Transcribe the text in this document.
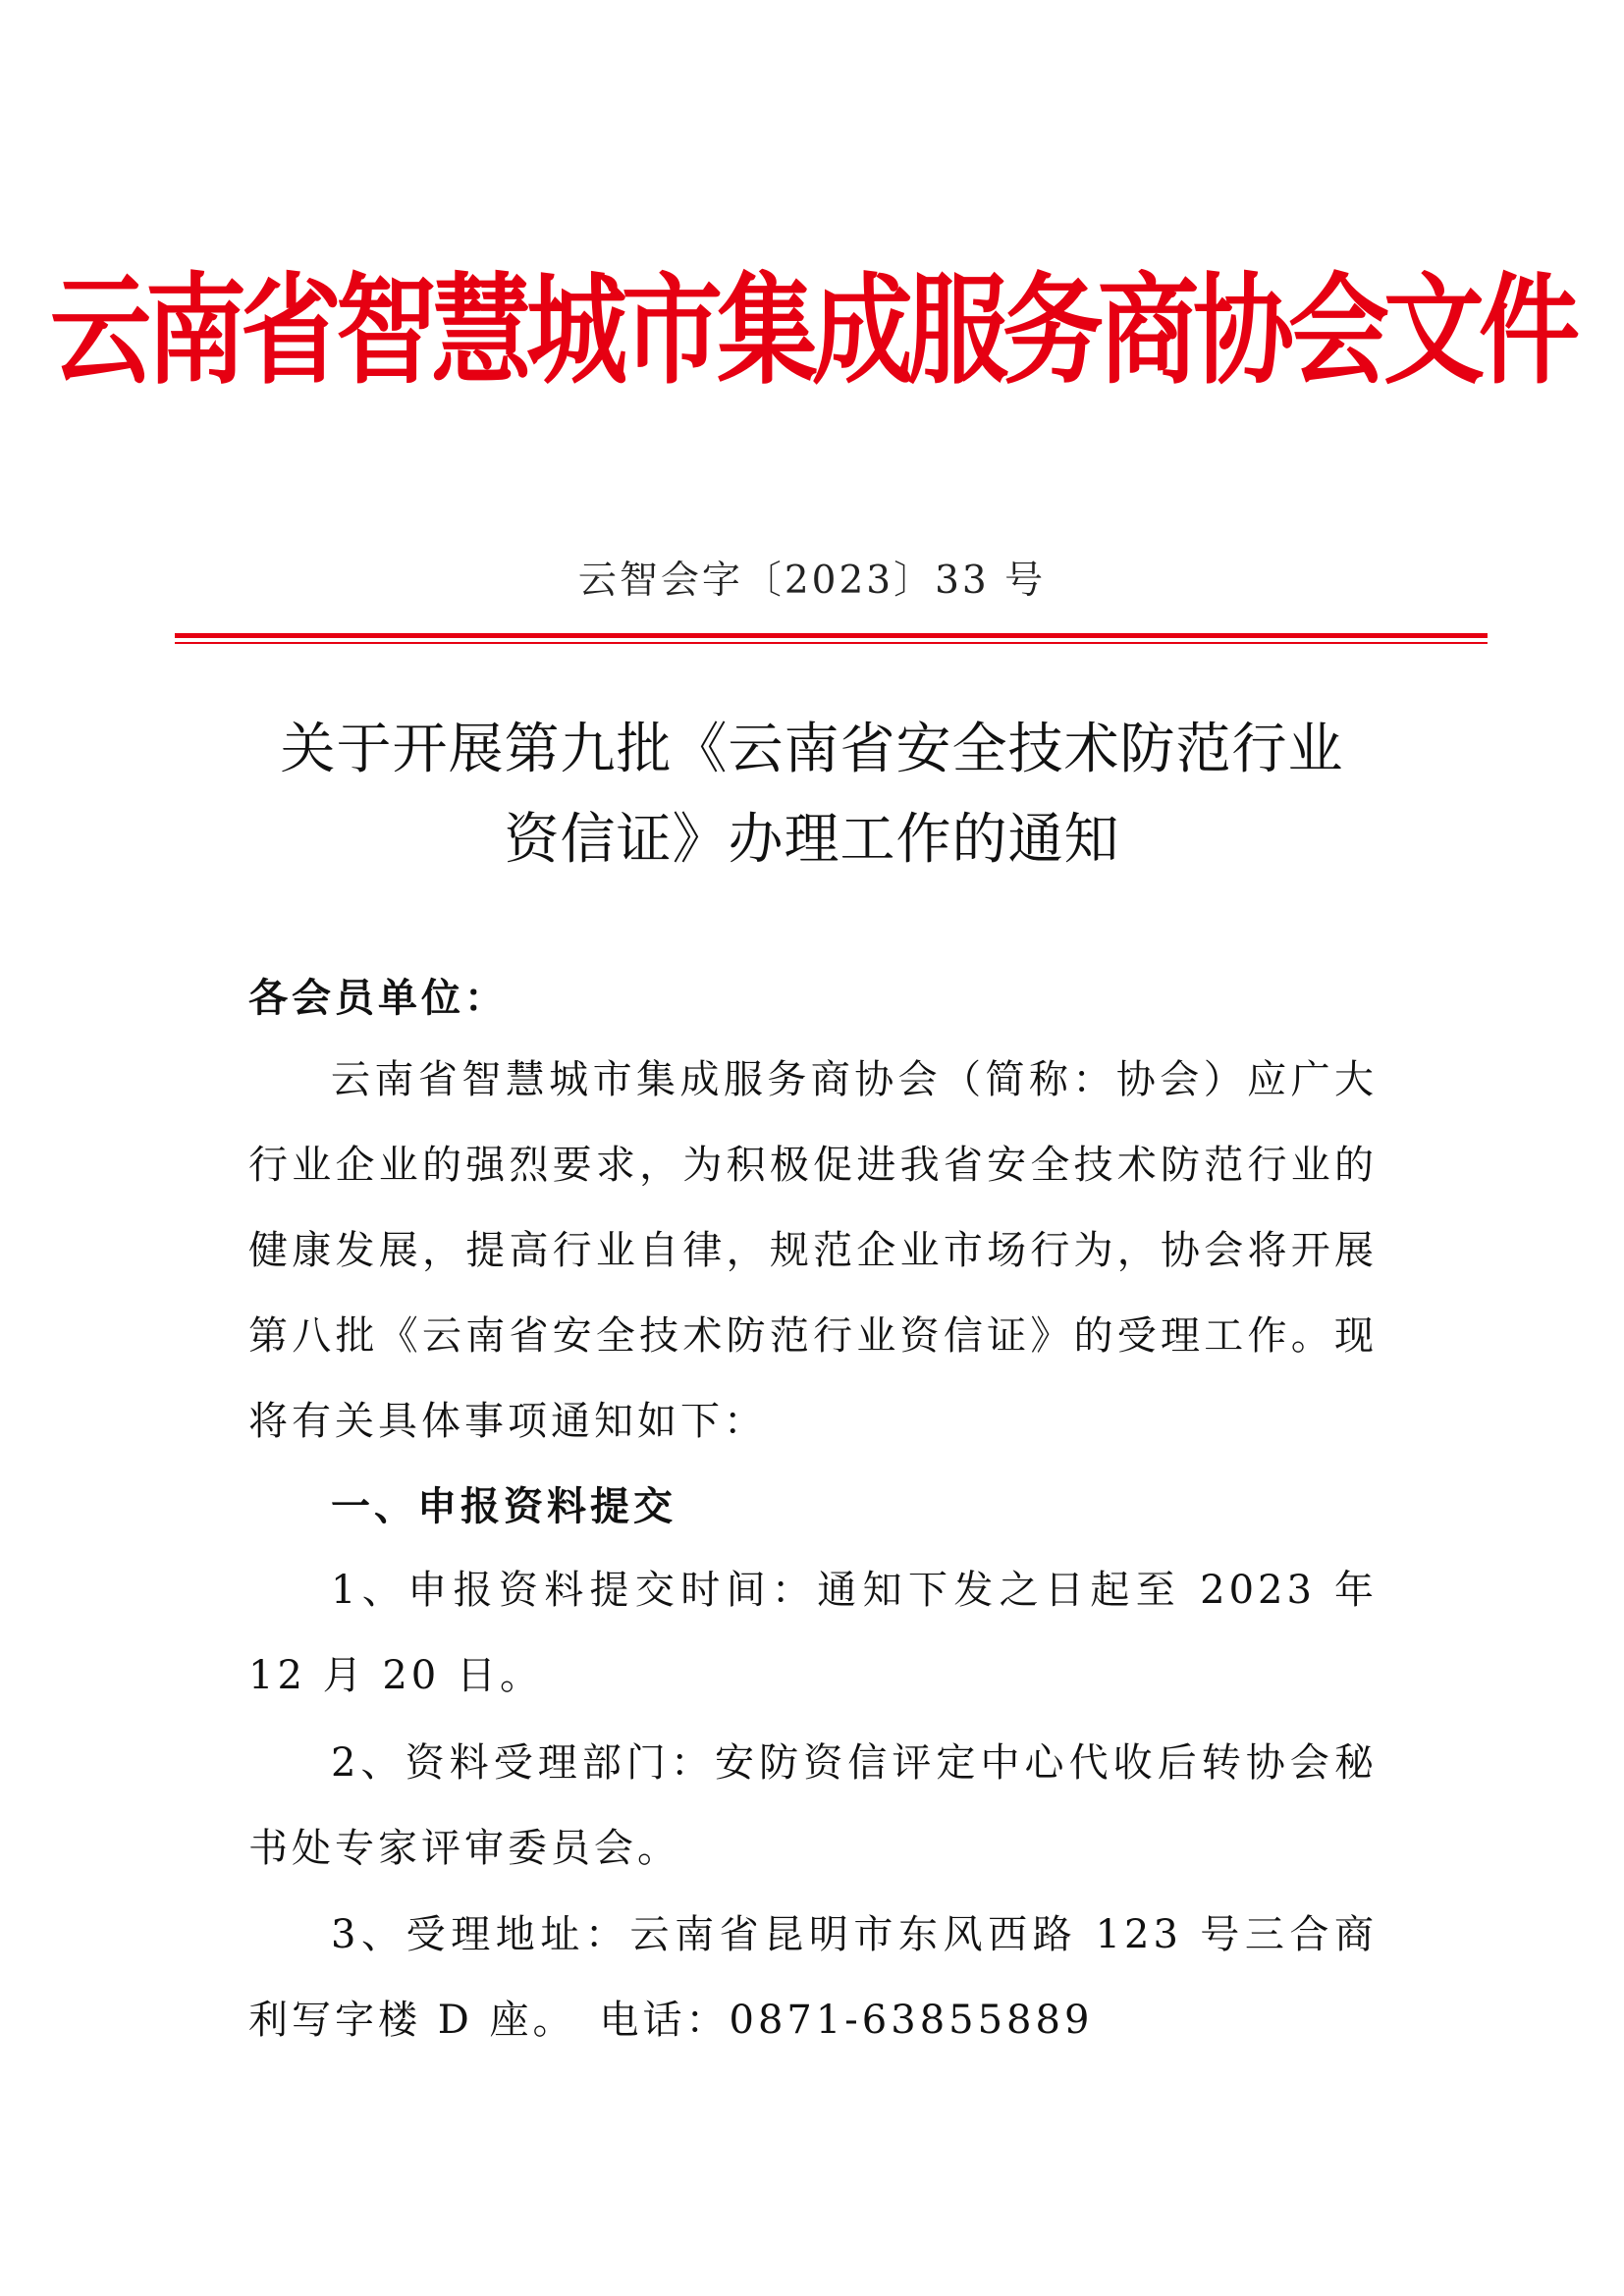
云南省智慧城市集成服务商协会文件
云智会字〔2023〕33 号
关于开展第九批《云南省安全技术防范行业
资信证》办理工作的通知
各会员单位：
云南省智慧城市集成服务商协会（简称：协会）应广大行业企业的强烈要求，为积极促进我省安全技术防范行业的健康发展，提高行业自律，规范企业市场行为，协会将开展第八批《云南省安全技术防范行业资信证》的受理工作。现将有关具体事项通知如下：
一、申报资料提交
1、申报资料提交时间：通知下发之日起至 2023 年 12 月 20 日。
2、资料受理部门：安防资信评定中心代收后转协会秘书处专家评审委员会。
3、受理地址：云南省昆明市东风西路 123 号三合商利写字楼 D 座。　电话：0871-63855889
